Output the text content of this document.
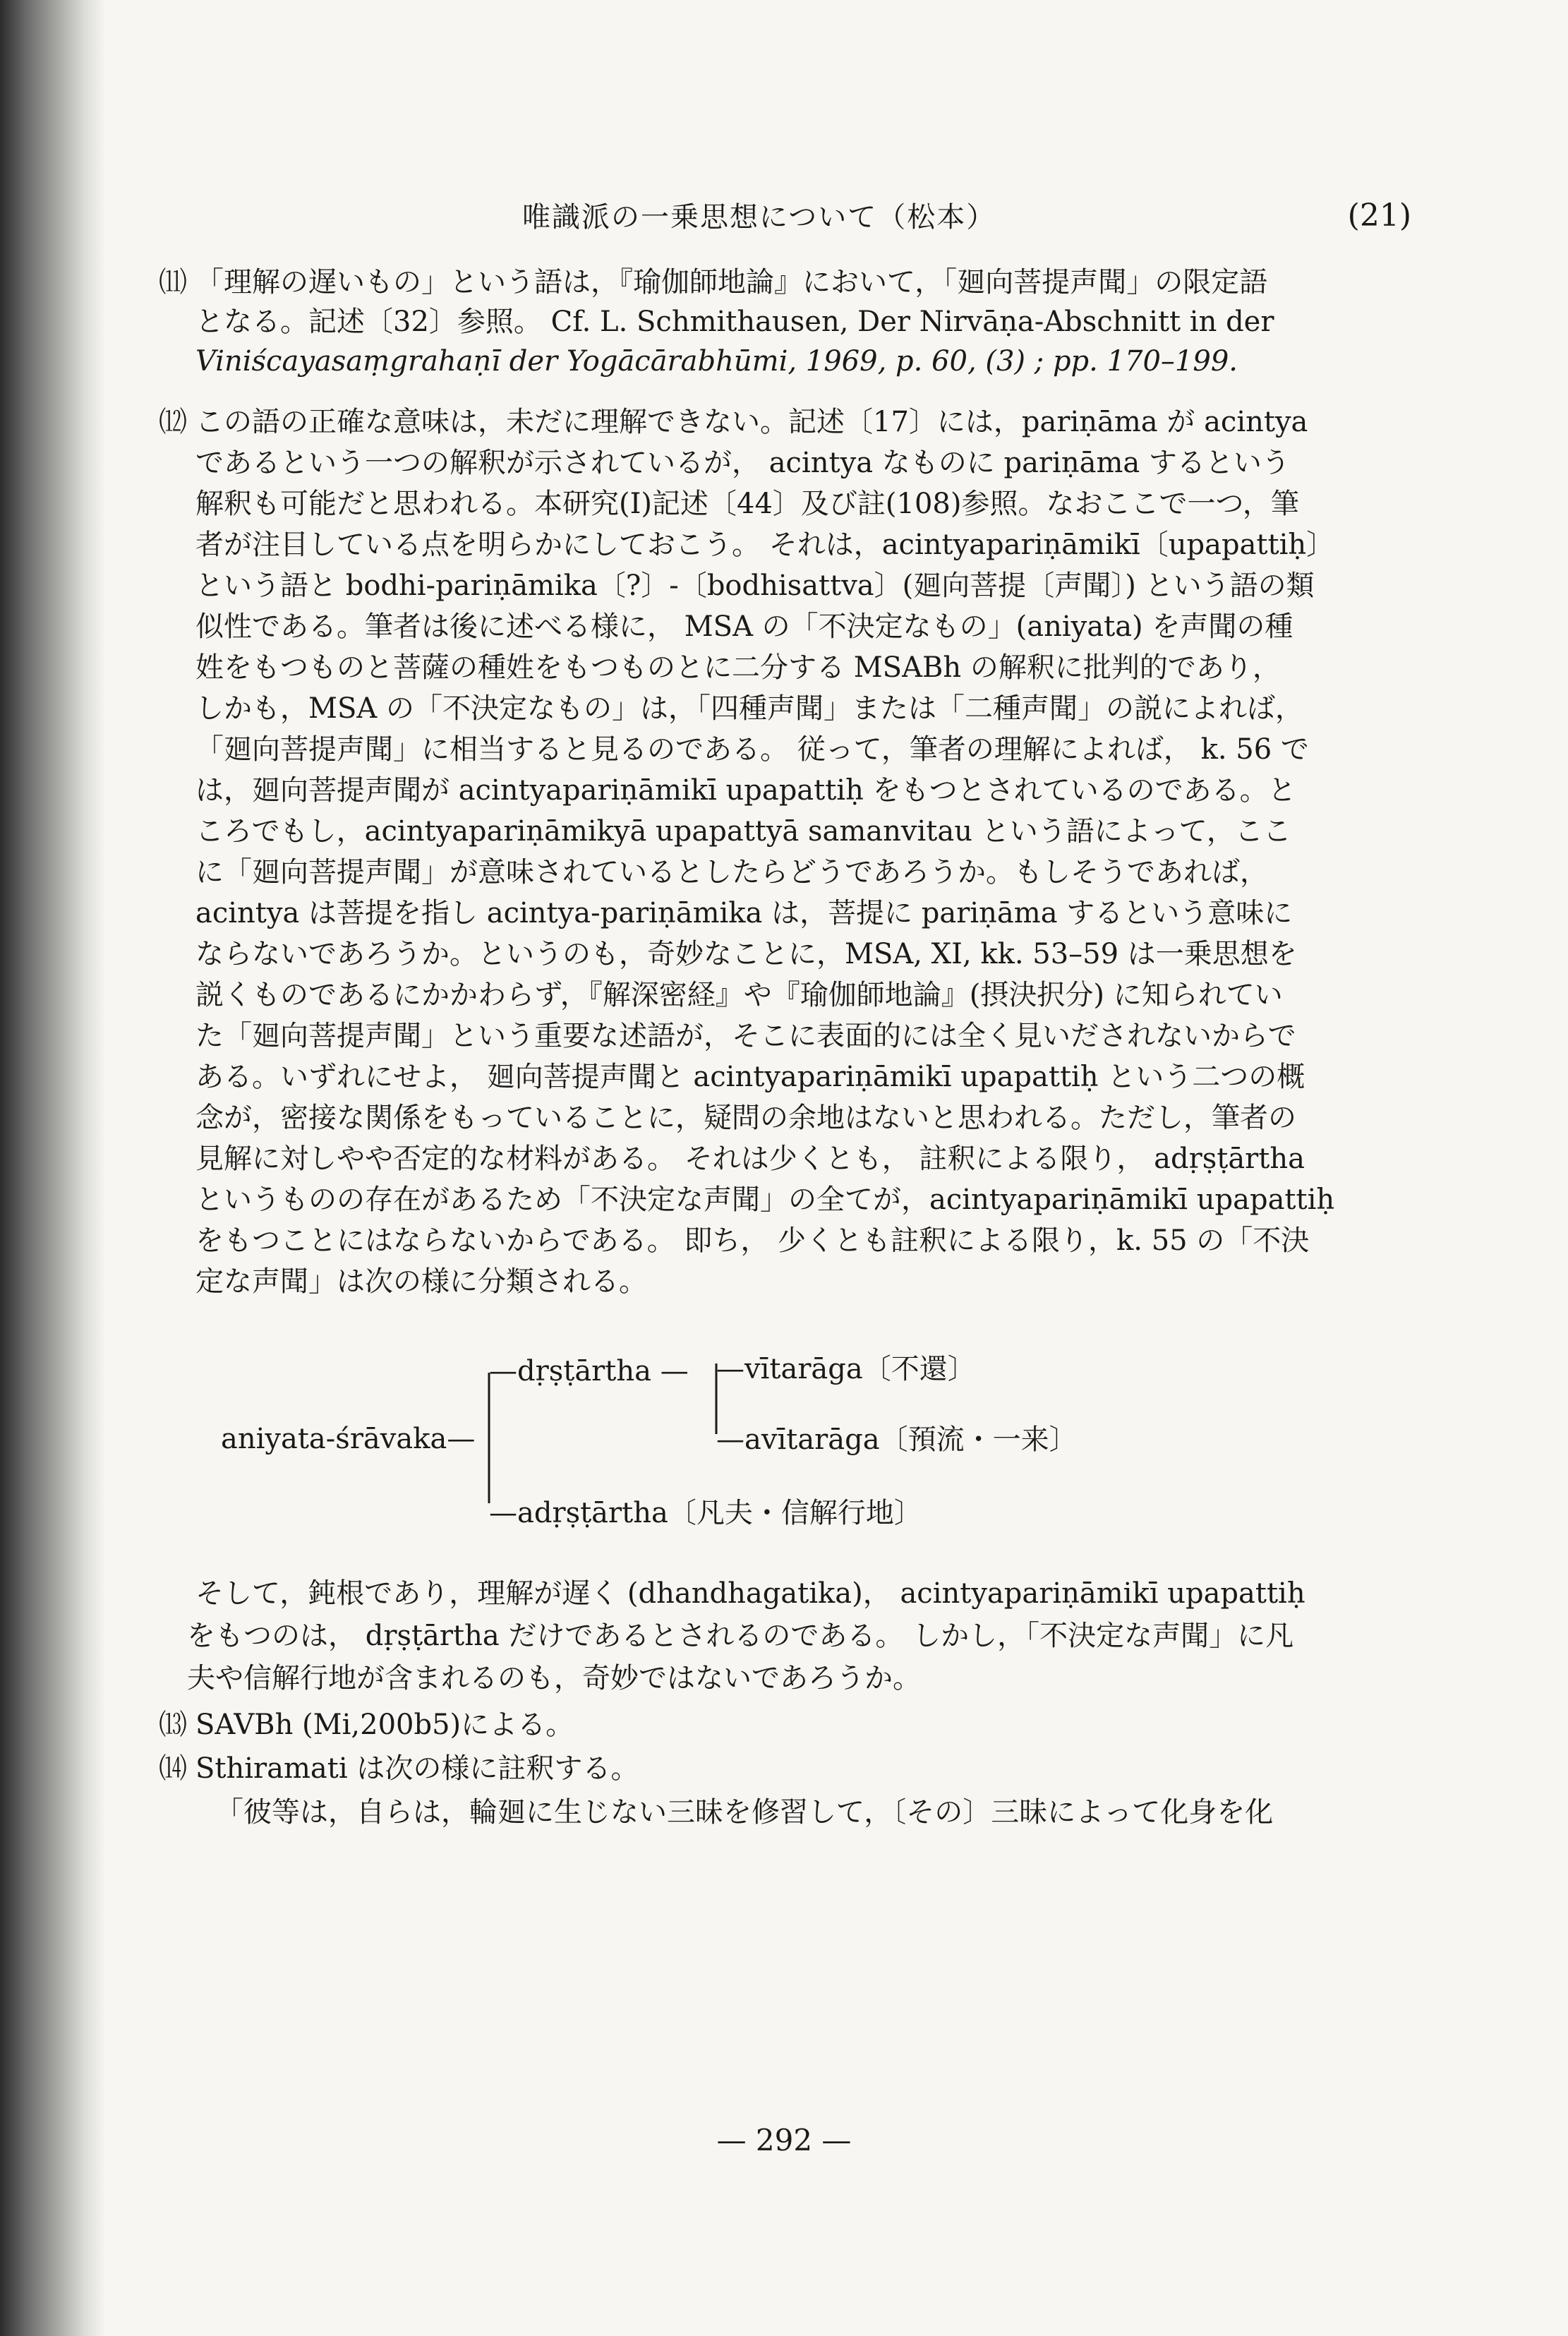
唯識派の一乗思想について（松本）	(21)
⑾ 「理解の遅いもの」という語は，『瑜伽師地論』において，「廻向菩提声聞」の限定語
となる。記述〔32〕参照。 Cf. L. Schmithausen, Der Nirvāṇa-Abschnitt in der
Viniścayasaṃgrahaṇī der Yogācārabhūmi, 1969, p. 60, (3) ; pp. 170–199.
⑿ この語の正確な意味は，未だに理解できない。記述〔17〕には，pariṇāma が acintya
であるという一つの解釈が示されているが， acintya なものに pariṇāma するという
解釈も可能だと思われる。本研究(I)記述〔44〕及び註(108)参照。なおここで一つ，筆
者が注目している点を明らかにしておこう。 それは，acintyapariṇāmikī〔upapattiḥ〕
という語と bodhi-pariṇāmika〔?〕-〔bodhisattva〕(廻向菩提〔声聞〕) という語の類
似性である。筆者は後に述べる様に， MSA の「不決定なもの」(aniyata) を声聞の種
姓をもつものと菩薩の種姓をもつものとに二分する MSABh の解釈に批判的であり，
しかも，MSA の「不決定なもの」は，「四種声聞」または「二種声聞」の説によれば，
「廻向菩提声聞」に相当すると見るのである。 従って，筆者の理解によれば， k. 56 で
は，廻向菩提声聞が acintyapariṇāmikī upapattiḥ をもつとされているのである。と
ころでもし，acintyapariṇāmikyā upapattyā samanvitau という語によって，ここ
に「廻向菩提声聞」が意味されているとしたらどうであろうか。もしそうであれば，
acintya は菩提を指し acintya-pariṇāmika は，菩提に pariṇāma するという意味に
ならないであろうか。というのも，奇妙なことに，MSA, XI, kk. 53–59 は一乗思想を
説くものであるにかかわらず，『解深密経』や『瑜伽師地論』(摂決択分) に知られてい
た「廻向菩提声聞」という重要な述語が，そこに表面的には全く見いだされないからで
ある。いずれにせよ， 廻向菩提声聞と acintyapariṇāmikī upapattiḥ という二つの概
念が，密接な関係をもっていることに，疑問の余地はないと思われる。ただし，筆者の
見解に対しやや否定的な材料がある。 それは少くとも， 註釈による限り， adṛṣṭārtha
というものの存在があるため「不決定な声聞」の全てが，acintyapariṇāmikī upapattiḥ
をもつことにはならないからである。 即ち， 少くとも註釈による限り，k. 55 の「不決
定な声聞」は次の様に分類される。
aniyata-śrāvaka—
—dṛṣṭārtha — —vītarāga〔不還〕
—avītarāga〔預流・一来〕
—adṛṣṭārtha〔凡夫・信解行地〕
そして，鈍根であり，理解が遅く (dhandhagatika)， acintyapariṇāmikī upapattiḥ
をもつのは， dṛṣṭārtha だけであるとされるのである。 しかし，「不決定な声聞」に凡
夫や信解行地が含まれるのも，奇妙ではないであろうか。
⒀ SAVBh (Mi,200b5)による。
⒁ Sthiramati は次の様に註釈する。
「彼等は，自らは，輪廻に生じない三昧を修習して，〔その〕三昧によって化身を化
— 292 —
